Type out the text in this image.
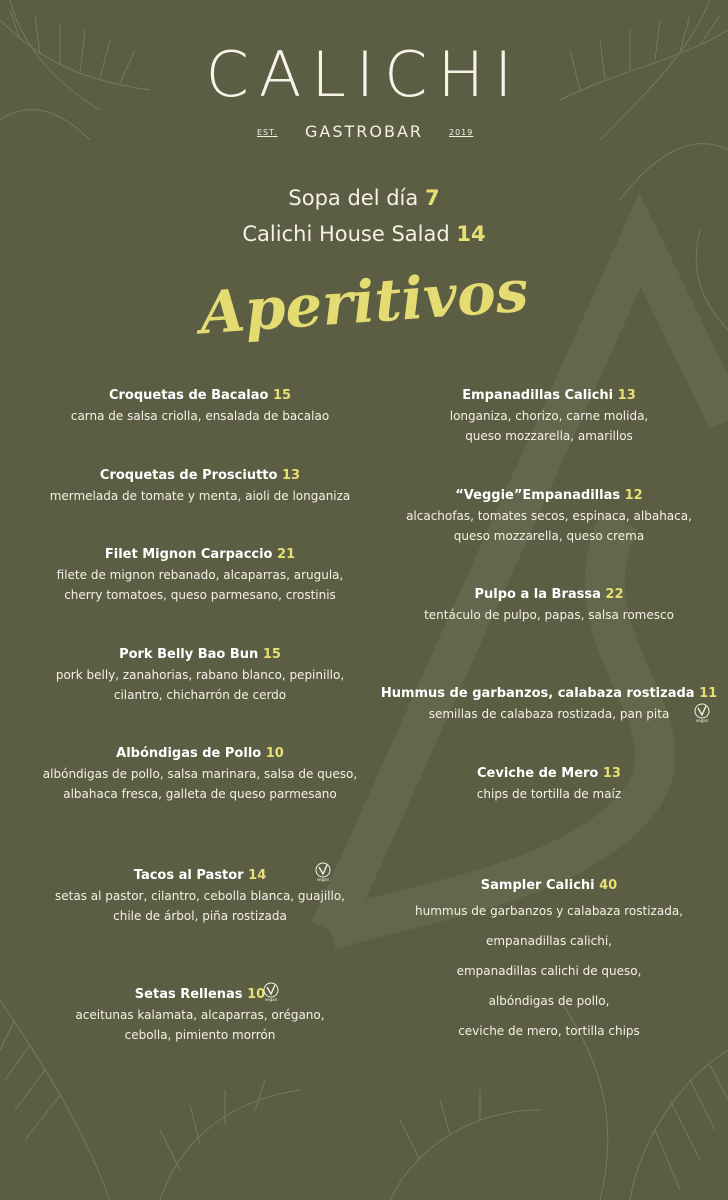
CALICHI
EST.	GASTROBAR	2019
Sopa del día 7
Calichi House Salad 14
Aperitivos
Croquetas de Bacalao 15
carna de salsa criolla, ensalada de bacalao
Croquetas de Prosciutto 13
mermelada de tomate y menta, aioli de longaniza
Filet Mignon Carpaccio 21
filete de mignon rebanado, alcaparras, arugula,
cherry tomatoes, queso parmesano, crostinis
Pork Belly Bao Bun 15
pork belly, zanahorias, rabano blanco, pepinillo,
cilantro, chicharrón de cerdo
Albóndigas de Pollo 10
albóndigas de pollo, salsa marinara, salsa de queso,
albahaca fresca, galleta de queso parmesano
Tacos al Pastor 14
setas al pastor, cilantro, cebolla blanca, guajillo,
chile de árbol, piña rostizada
vegan
Setas Rellenas 10
aceitunas kalamata, alcaparras, orégano,
cebolla, pimiento morrón
vegan
Empanadillas Calichi 13
longaniza, chorizo, carne molida,
queso mozzarella, amarillos
“Veggie”Empanadillas 12
alcachofas, tomates secos, espinaca, albahaca,
queso mozzarella, queso crema
Pulpo a la Brassa 22
tentáculo de pulpo, papas, salsa romesco
Hummus de garbanzos, calabaza rostizada 11
semillas de calabaza rostizada, pan pita	vegan
Ceviche de Mero 13
chips de tortilla de maíz
Sampler Calichi 40
hummus de garbanzos y calabaza rostizada,
empanadillas calichi,
empanadillas calichi de queso,
albóndigas de pollo,
ceviche de mero, tortilla chips
